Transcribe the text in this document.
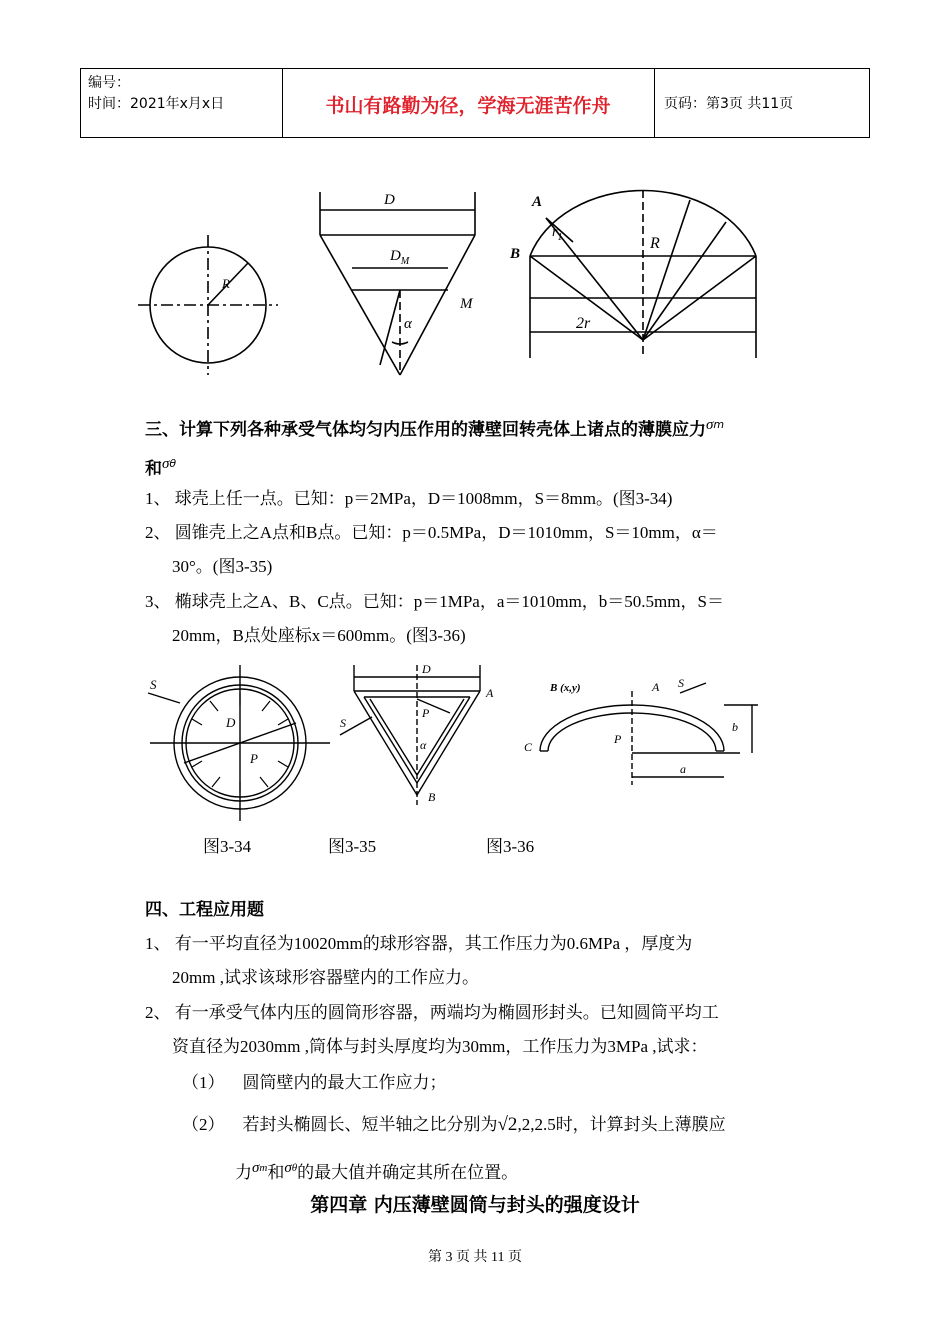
编号：
时间：2021年x月x日	书山有路勤为径，学海无涯苦作舟	页码：第3页 共11页
R
D
$D_M$
α
M
A
B
$r_1$	R
2r
三、计算下列各种承受气体均匀内压作用的薄壁回转壳体上诸点的薄膜应力$\sigma^m$
和$\sigma^\theta$
1、 球壳上任一点。已知：p＝2MPa，D＝1008mm，S＝8mm。(图3-34)
2、 圆锥壳上之A点和B点。已知：p＝0.5MPa，D＝1010mm，S＝10mm，α＝
30°。(图3-35)
3、 椭球壳上之A、B、C点。已知：p＝1MPa，a＝1010mm，b＝50.5mm，S＝
20mm，B点处座标x＝600mm。(图3-36)
S
D
P
D
A
S
P
α
B
B (x,y)	A S
b
C
P
a
图3-34	图3-35	图3-36
四、工程应用题
1、 有一平均直径为10020mm的球形容器，其工作压力为0.6MPa ，厚度为
20mm ,试求该球形容器壁内的工作应力。
2、 有一承受气体内压的圆筒形容器，两端均为椭圆形封头。已知圆筒平均工
资直径为2030mm ,筒体与封头厚度均为30mm，工作压力为3MPa ,试求：
（1） 圆筒壁内的最大工作应力；
（2） 若封头椭圆长、短半轴之比分别为√2,2,2.5时，计算封头上薄膜应
力$\sigma^m$和$\sigma^\theta$的最大值并确定其所在位置。
第四章 内压薄壁圆筒与封头的强度设计
第 3 页 共 11 页
